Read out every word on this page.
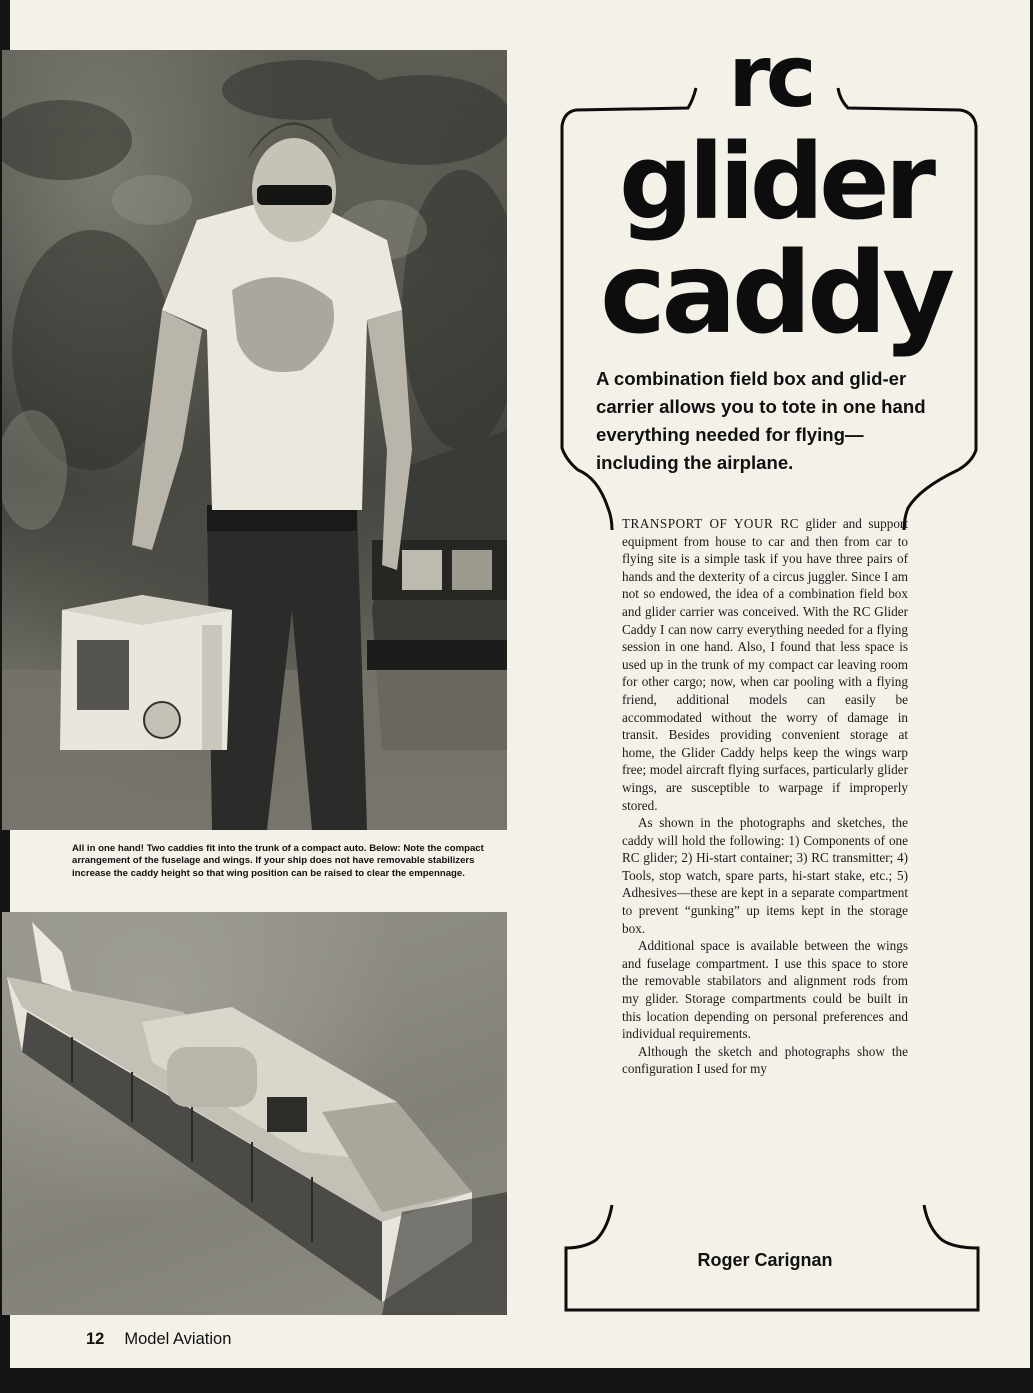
All in one hand! Two caddies fit into the trunk of a compact auto. Below: Note the compact arrangement of the fuselage and wings. If your ship does not have removable stabilizers increase the caddy height so that wing position can be raised to clear the empennage.
rc
glider
caddy
A combination field box and glid-er carrier allows you to tote in one hand everything needed for flying—including the airplane.

TRANSPORT OF YOUR RC glider and support equipment from house to car and then from car to flying site is a simple task if you have three pairs of hands and the dexterity of a circus juggler. Since I am not so endowed, the idea of a combination field box and glider carrier was conceived. With the RC Glider Caddy I can now carry everything needed for a flying session in one hand. Also, I found that less space is used up in the trunk of my compact car leaving room for other cargo; now, when car pooling with a flying friend, additional models can easily be accommodated without the worry of damage in transit. Besides providing convenient storage at home, the Glider Caddy helps keep the wings warp free; model aircraft flying surfaces, particularly glider wings, are susceptible to warpage if improperly stored.

As shown in the photographs and sketches, the caddy will hold the following: 1) Components of one RC glider; 2) Hi-start container; 3) RC transmitter; 4) Tools, stop watch, spare parts, hi-start stake, etc.; 5) Adhesives—these are kept in a separate compartment to prevent “gunking” up items kept in the storage box.

Additional space is available between the wings and fuselage compartment. I use this space to store the removable stabilators and alignment rods from my glider. Storage compartments could be built in this location depending on personal preferences and individual requirements.

Although the sketch and photographs show the configuration I used for my

Roger Carignan
12 Model Aviation
